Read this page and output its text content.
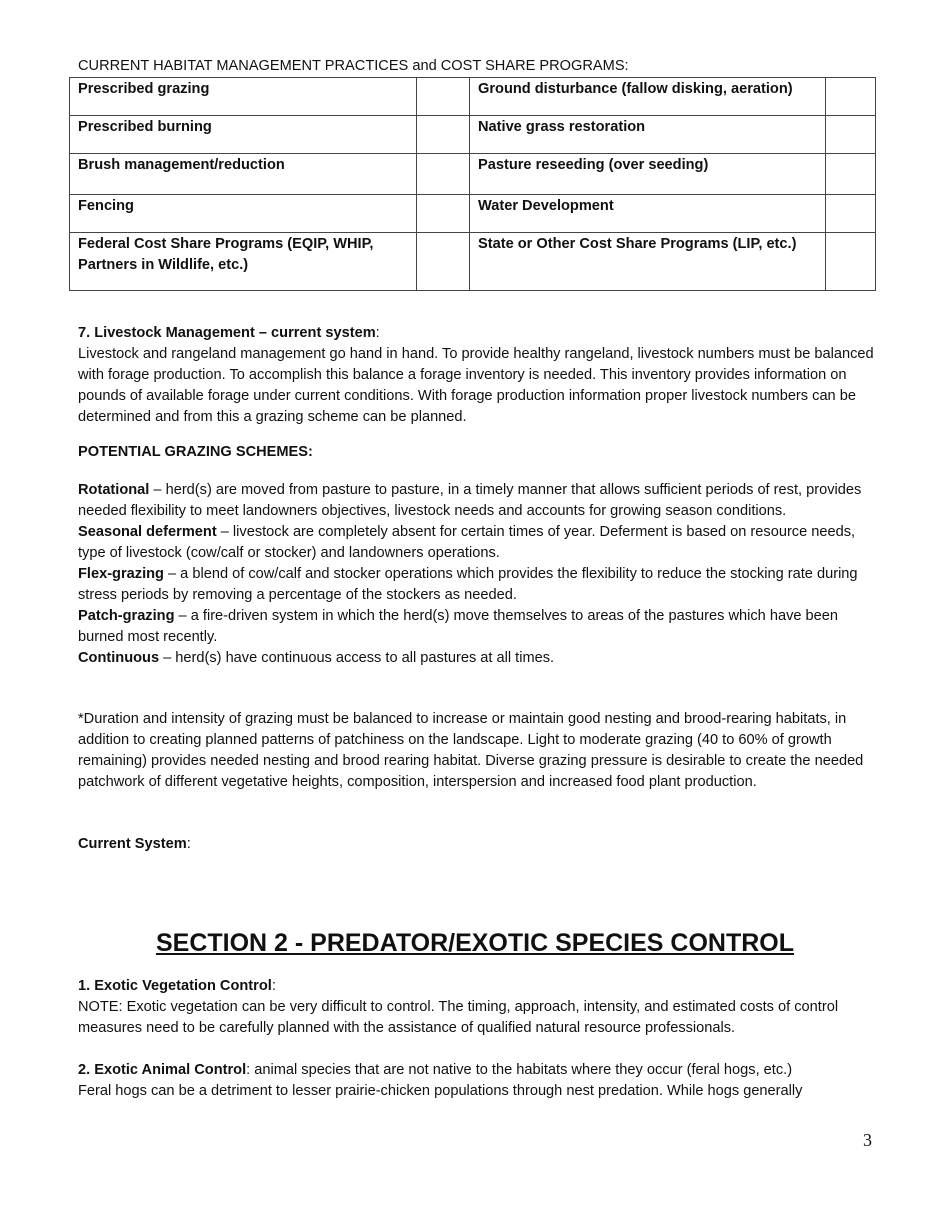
CURRENT HABITAT MANAGEMENT PRACTICES and COST SHARE PROGRAMS:
Prescribed grazing		Ground disturbance (fallow disking, aeration)	
Prescribed burning		Native grass restoration	
Brush management/reduction		Pasture reseeding (over seeding)	
Fencing		Water Development	
Federal Cost Share Programs (EQIP, WHIP, Partners in Wildlife, etc.)		State or Other Cost Share Programs (LIP, etc.)	

7. Livestock Management – current system:

Livestock and rangeland management go hand in hand. To provide healthy rangeland, livestock numbers must be balanced with forage production. To accomplish this balance a forage inventory is needed. This inventory provides information on pounds of available forage under current conditions. With forage production information proper livestock numbers can be determined and from this a grazing scheme can be planned.

POTENTIAL GRAZING SCHEMES:

Rotational – herd(s) are moved from pasture to pasture, in a timely manner that allows sufficient periods of rest, provides needed flexibility to meet landowners objectives, livestock needs and accounts for growing season conditions.

Seasonal deferment – livestock are completely absent for certain times of year. Deferment is based on resource needs, type of livestock (cow/calf or stocker) and landowners operations.

Flex-grazing – a blend of cow/calf and stocker operations which provides the flexibility to reduce the stocking rate during stress periods by removing a percentage of the stockers as needed.

Patch-grazing – a fire-driven system in which the herd(s) move themselves to areas of the pastures which have been burned most recently.

Continuous – herd(s) have continuous access to all pastures at all times.

*Duration and intensity of grazing must be balanced to increase or maintain good nesting and brood-rearing habitats, in addition to creating planned patterns of patchiness on the landscape. Light to moderate grazing (40 to 60% of growth remaining) provides needed nesting and brood rearing habitat. Diverse grazing pressure is desirable to create the needed patchwork of different vegetative heights, composition, interspersion and increased food plant production.
Current System:
SECTION 2 - PREDATOR/EXOTIC SPECIES CONTROL

1. Exotic Vegetation Control:

NOTE: Exotic vegetation can be very difficult to control. The timing, approach, intensity, and estimated costs of control measures need to be carefully planned with the assistance of qualified natural resource professionals.

2. Exotic Animal Control: animal species that are not native to the habitats where they occur (feral hogs, etc.)

Feral hogs can be a detriment to lesser prairie-chicken populations through nest predation. While hogs generally

3
